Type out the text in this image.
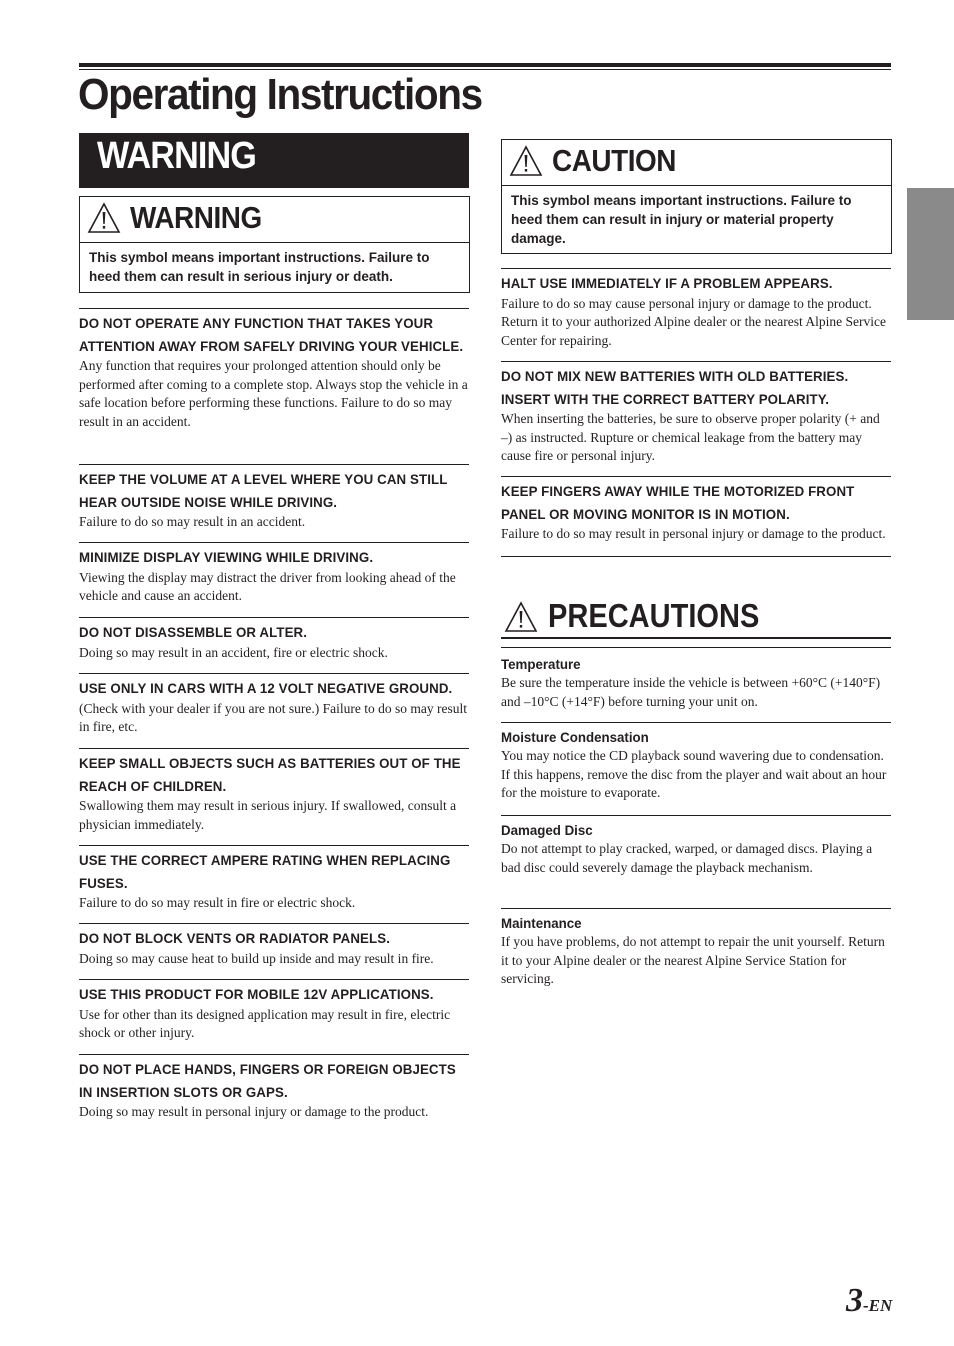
Operating Instructions
WARNING
WARNING
This symbol means important instructions. Failure to heed them can result in serious injury or death.
CAUTION
This symbol means important instructions. Failure to heed them can result in injury or material property damage.
DO NOT OPERATE ANY FUNCTION THAT TAKES YOUR ATTENTION AWAY FROM SAFELY DRIVING YOUR VEHICLE.
Any function that requires your prolonged attention should only be performed after coming to a complete stop. Always stop the vehicle in a safe location before performing these functions. Failure to do so may result in an accident.
KEEP THE VOLUME AT A LEVEL WHERE YOU CAN STILL HEAR OUTSIDE NOISE WHILE DRIVING.
Failure to do so may result in an accident.
MINIMIZE DISPLAY VIEWING WHILE DRIVING.
Viewing the display may distract the driver from looking ahead of the vehicle and cause an accident.
DO NOT DISASSEMBLE OR ALTER.
Doing so may result in an accident, fire or electric shock.
USE ONLY IN CARS WITH A 12 VOLT NEGATIVE GROUND.
(Check with your dealer if you are not sure.) Failure to do so may result in fire, etc.
KEEP SMALL OBJECTS SUCH AS BATTERIES OUT OF THE REACH OF CHILDREN.
Swallowing them may result in serious injury. If swallowed, consult a physician immediately.
USE THE CORRECT AMPERE RATING WHEN REPLACING FUSES.
Failure to do so may result in fire or electric shock.
DO NOT BLOCK VENTS OR RADIATOR PANELS.
Doing so may cause heat to build up inside and may result in fire.
USE THIS PRODUCT FOR MOBILE 12V APPLICATIONS.
Use for other than its designed application may result in fire, electric shock or other injury.
DO NOT PLACE HANDS, FINGERS OR FOREIGN OBJECTS IN INSERTION SLOTS OR GAPS.
Doing so may result in personal injury or damage to the product.
HALT USE IMMEDIATELY IF A PROBLEM APPEARS.
Failure to do so may cause personal injury or damage to the product. Return it to your authorized Alpine dealer or the nearest Alpine Service Center for repairing.
DO NOT MIX NEW BATTERIES WITH OLD BATTERIES. INSERT WITH THE CORRECT BATTERY POLARITY.
When inserting the batteries, be sure to observe proper polarity (+ and –) as instructed. Rupture or chemical leakage from the battery may cause fire or personal injury.
KEEP FINGERS AWAY WHILE THE MOTORIZED FRONT PANEL OR MOVING MONITOR IS IN MOTION.
Failure to do so may result in personal injury or damage to the product.
PRECAUTIONS
Temperature
Be sure the temperature inside the vehicle is between +60°C (+140°F) and –10°C (+14°F) before turning your unit on.
Moisture Condensation
You may notice the CD playback sound wavering due to condensation. If this happens, remove the disc from the player and wait about an hour for the moisture to evaporate.
Damaged Disc
Do not attempt to play cracked, warped, or damaged discs. Playing a bad disc could severely damage the playback mechanism.
Maintenance
If you have problems, do not attempt to repair the unit yourself. Return it to your Alpine dealer or the nearest Alpine Service Station for servicing.
3-EN
